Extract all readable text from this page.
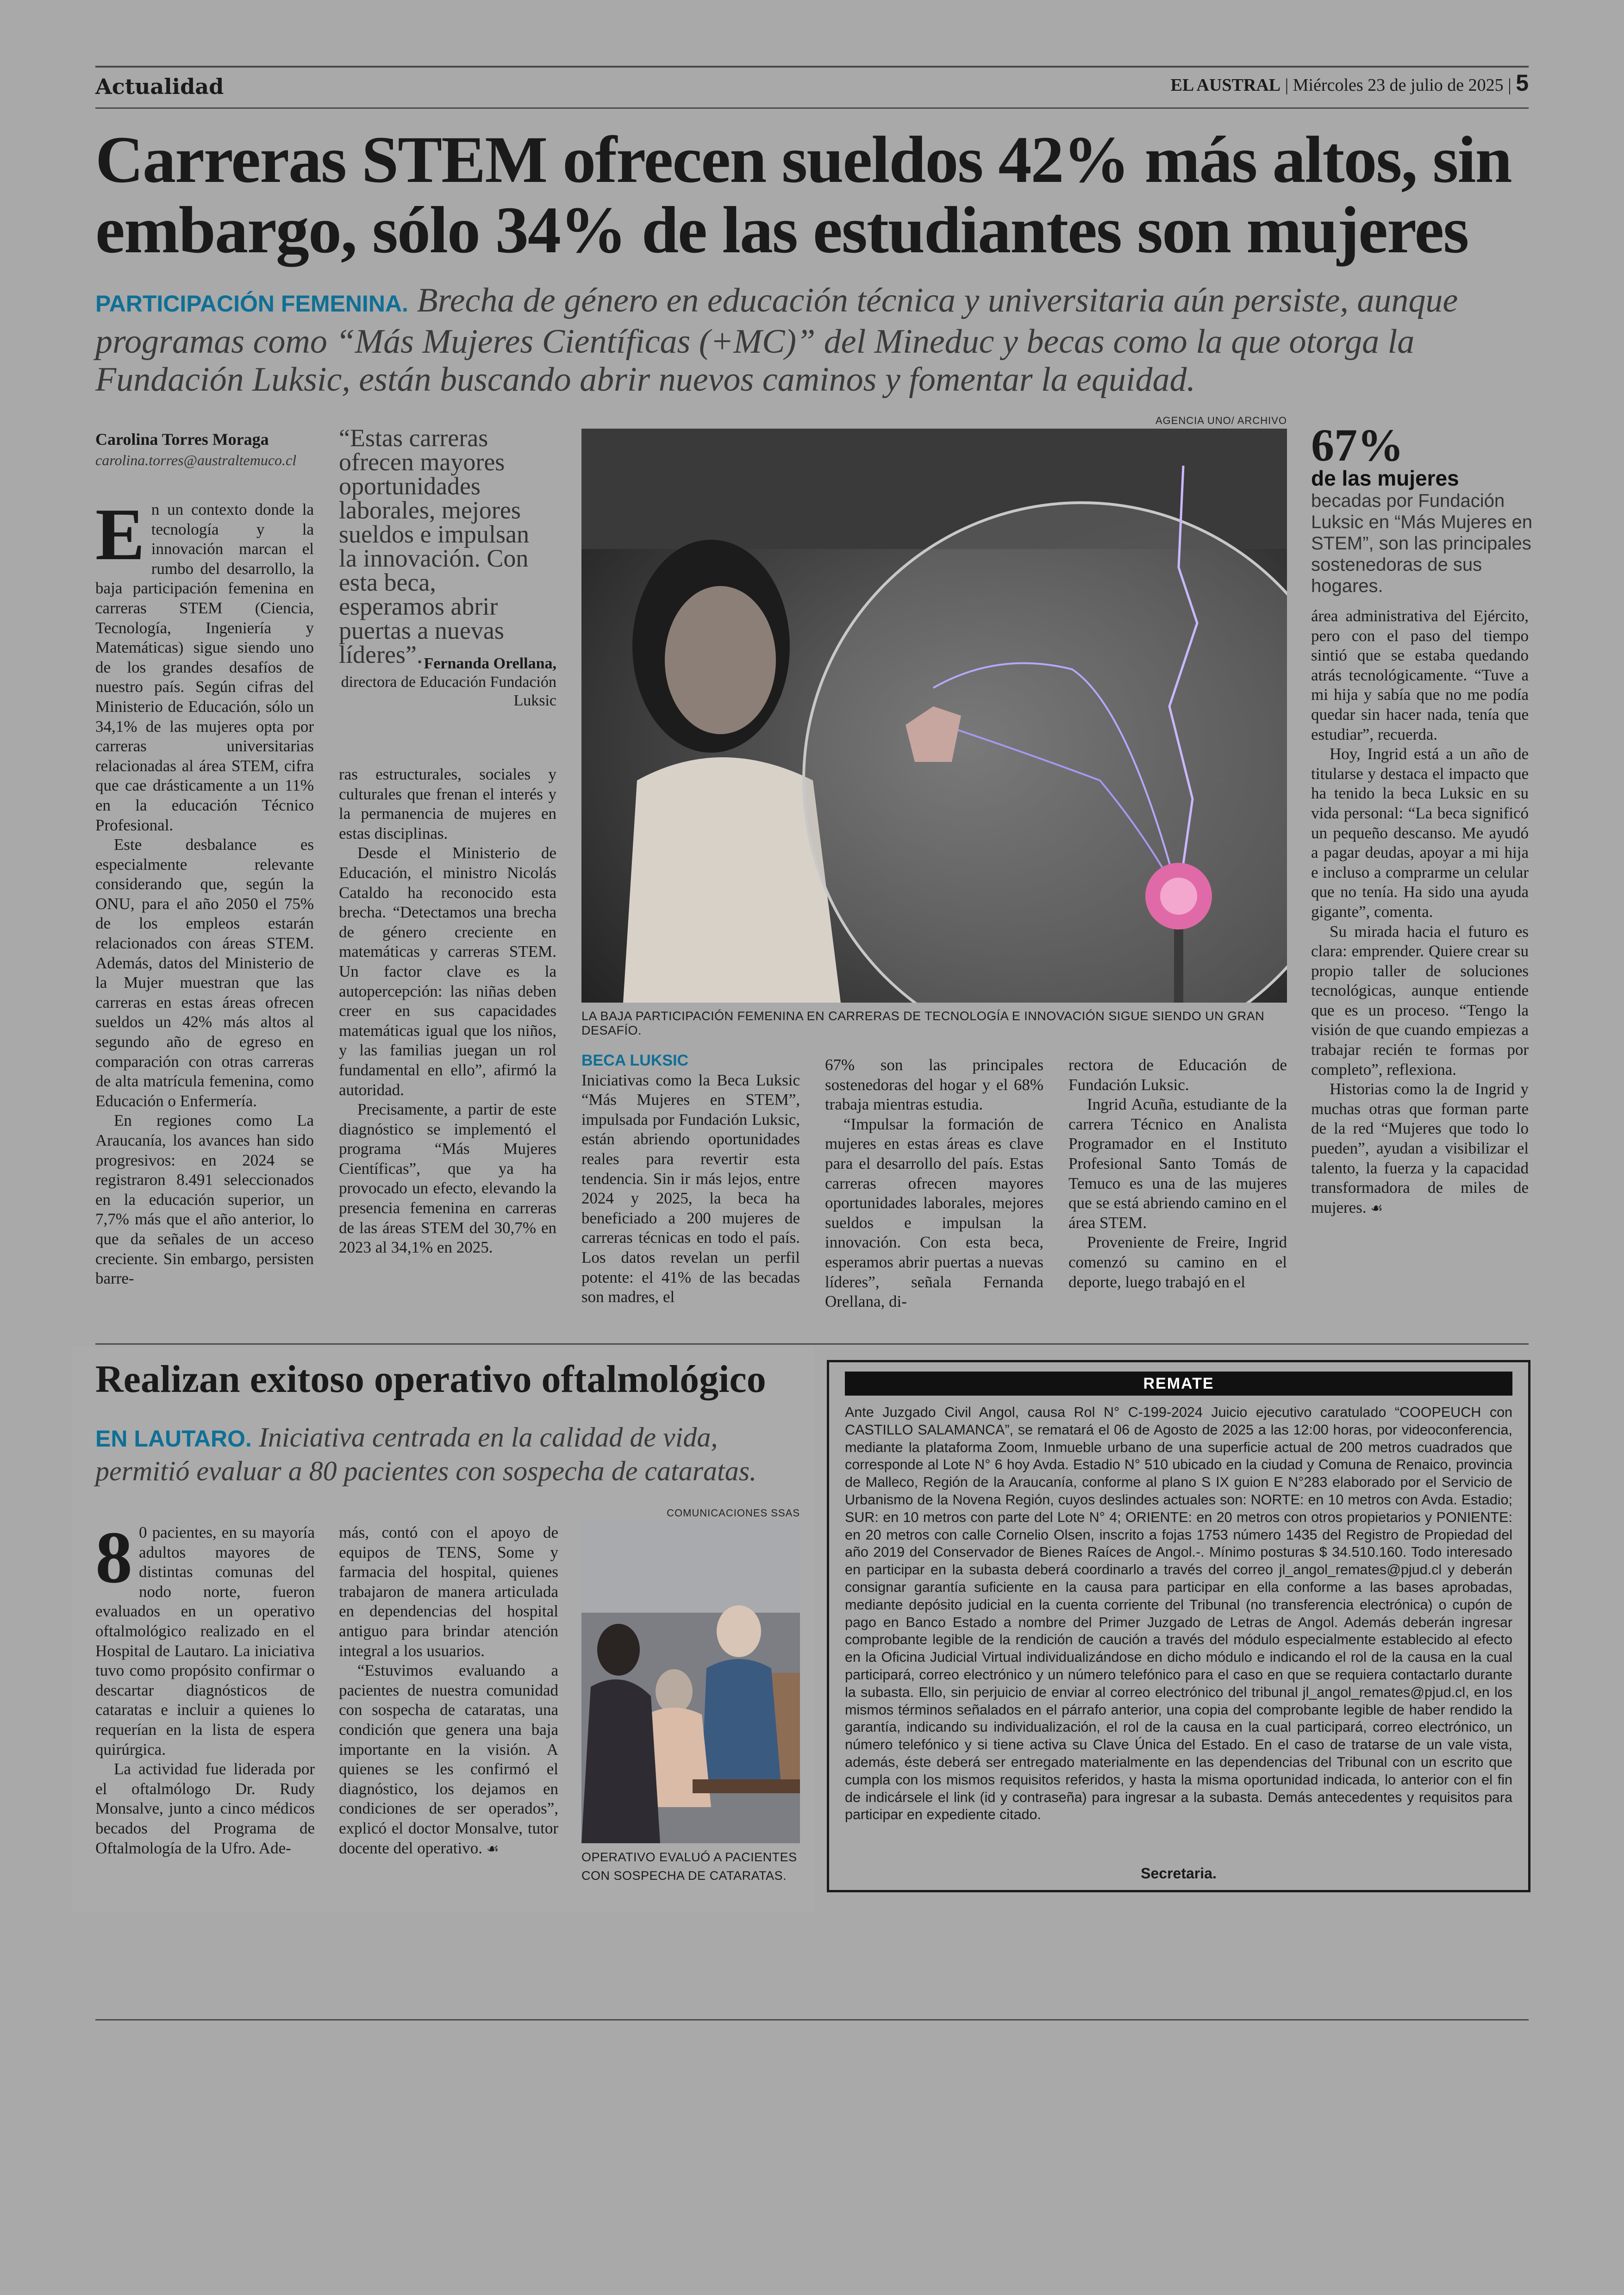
Actualidad	EL AUSTRAL | Miércoles 23 de julio de 2025 | 5
Carreras STEM ofrecen sueldos 42% más altos, sin
embargo, sólo 34% de las estudiantes son mujeres
PARTICIPACIÓN FEMENINA. Brecha de género en educación técnica y universitaria aún persiste, aunque programas como “Más Mujeres Científicas (+MC)” del Mineduc y becas como la que otorga la Fundación Luksic, están buscando abrir nuevos caminos y fomentar la equidad.
Carolina Torres Moraga
carolina.torres@australtemuco.cl

En un contexto donde la tecnología y la innovación marcan el rumbo del desarrollo, la baja participación femenina en carreras STEM (Ciencia, Tecnología, Ingeniería y Matemáticas) sigue siendo uno de los grandes desafíos de nuestro país. Según cifras del Ministerio de Educación, sólo un 34,1% de las mujeres opta por carreras universitarias relacionadas al área STEM, cifra que cae drásticamente a un 11% en la educación Técnico Profesional.

Este desbalance es especialmente relevante considerando que, según la ONU, para el año 2050 el 75% de los empleos estarán relacionados con áreas STEM. Además, datos del Ministerio de la Mujer muestran que las carreras en estas áreas ofrecen sueldos un 42% más altos al segundo año de egreso en comparación con otras carreras de alta matrícula femenina, como Educación o Enfermería.

En regiones como La Araucanía, los avances han sido progresivos: en 2024 se registraron 8.491 seleccionados en la educación superior, un 7,7% más que el año anterior, lo que da señales de un acceso creciente. Sin embargo, persisten barre-

“Estas carreras ofrecen mayores oportunidades laborales, mejores sueldos e impulsan la innovación. Con esta beca, esperamos abrir puertas a nuevas líderes”. Fernanda Orellana,
directora de Educación Fundación Luksic

ras estructurales, sociales y culturales que frenan el interés y la permanencia de mujeres en estas disciplinas.

Desde el Ministerio de Educación, el ministro Nicolás Cataldo ha reconocido esta brecha. “Detectamos una brecha de género creciente en matemáticas y carreras STEM. Un factor clave es la autopercepción: las niñas deben creer en sus capacidades matemáticas igual que los niños, y las familias juegan un rol fundamental en ello”, afirmó la autoridad.

Precisamente, a partir de este diagnóstico se implementó el programa “Más Mujeres Científicas”, que ya ha provocado un efecto, elevando la presencia femenina en carreras de las áreas STEM del 30,7% en 2023 al 34,1% en 2025.

AGENCIA UNO/ ARCHIVO
LA BAJA PARTICIPACIÓN FEMENINA EN CARRERAS DE TECNOLOGÍA E INNOVACIÓN SIGUE SIENDO UN GRAN DESAFÍO.
BECA LUKSIC

Iniciativas como la Beca Luksic “Más Mujeres en STEM”, impulsada por Fundación Luksic, están abriendo oportunidades reales para revertir esta tendencia. Sin ir más lejos, entre 2024 y 2025, la beca ha beneficiado a 200 mujeres de carreras técnicas en todo el país. Los datos revelan un perfil potente: el 41% de las becadas son madres, el

67% son las principales sostenedoras del hogar y el 68% trabaja mientras estudia.

“Impulsar la formación de mujeres en estas áreas es clave para el desarrollo del país. Estas carreras ofrecen mayores oportunidades laborales, mejores sueldos e impulsan la innovación. Con esta beca, esperamos abrir puertas a nuevas líderes”, señala Fernanda Orellana, di-

rectora de Educación de Fundación Luksic.

Ingrid Acuña, estudiante de la carrera Técnico en Analista Programador en el Instituto Profesional Santo Tomás de Temuco es una de las mujeres que se está abriendo camino en el área STEM.

Proveniente de Freire, Ingrid comenzó su camino en el deporte, luego trabajó en el

67%
de las mujeres becadas por Fundación Luksic en “Más Mujeres en STEM”, son las principales sostenedoras de sus hogares.

área administrativa del Ejército, pero con el paso del tiempo sintió que se estaba quedando atrás tecnológicamente. “Tuve a mi hija y sabía que no me podía quedar sin hacer nada, tenía que estudiar”, recuerda.

Hoy, Ingrid está a un año de titularse y destaca el impacto que ha tenido la beca Luksic en su vida personal: “La beca significó un pequeño descanso. Me ayudó a pagar deudas, apoyar a mi hija e incluso a comprarme un celular que no tenía. Ha sido una ayuda gigante”, comenta.

Su mirada hacia el futuro es clara: emprender. Quiere crear su propio taller de soluciones tecnológicas, aunque entiende que es un proceso. “Tengo la visión de que cuando empiezas a trabajar recién te formas por completo”, reflexiona.

Historias como la de Ingrid y muchas otras que forman parte de la red “Mujeres que todo lo pueden”, ayudan a visibilizar el talento, la fuerza y la capacidad transformadora de miles de mujeres. ☙

Realizan exitoso operativo oftalmológico
EN LAUTARO. Iniciativa centrada en la calidad de vida, permitió evaluar a 80 pacientes con sospecha de cataratas.

8 0 pacientes, en su mayoría adultos mayores de distintas comunas del nodo norte, fueron evaluados en un operativo oftalmológico realizado en el Hospital de Lautaro. La iniciativa tuvo como propósito confirmar o descartar diagnósticos de cataratas e incluir a quienes lo requerían en la lista de espera quirúrgica.

La actividad fue liderada por el oftalmólogo Dr. Rudy Monsalve, junto a cinco médicos becados del Programa de Oftalmología de la Ufro. Ade-

más, contó con el apoyo de equipos de TENS, Some y farmacia del hospital, quienes trabajaron de manera articulada en dependencias del hospital antiguo para brindar atención integral a los usuarios.

“Estuvimos evaluando a pacientes de nuestra comunidad con sospecha de cataratas, una condición que genera una baja importante en la visión. A quienes se les confirmó el diagnóstico, los dejamos en condiciones de ser operados”, explicó el doctor Monsalve, tutor docente del operativo. ☙

COMUNICACIONES SSAS
OPERATIVO EVALUÓ A PACIENTES CON SOSPECHA DE CATARATAS.
REMATE
Ante Juzgado Civil Angol, causa Rol N° C-199-2024 Juicio ejecutivo caratulado “COOPEUCH con CASTILLO SALAMANCA”, se rematará el 06 de Agosto de 2025 a las 12:00 horas, por videoconferencia, mediante la plataforma Zoom, Inmueble urbano de una superficie actual de 200 metros cuadrados que corresponde al Lote N° 6 hoy Avda. Estadio N° 510 ubicado en la ciudad y Comuna de Renaico, provincia de Malleco, Región de la Araucanía, conforme al plano S IX guion E N°283 elaborado por el Servicio de Urbanismo de la Novena Región, cuyos deslindes actuales son: NORTE: en 10 metros con Avda. Estadio; SUR: en 10 metros con parte del Lote N° 4; ORIENTE: en 20 metros con otros propietarios y PONIENTE: en 20 metros con calle Cornelio Olsen, inscrito a fojas 1753 número 1435 del Registro de Propiedad del año 2019 del Conservador de Bienes Raíces de Angol.-. Mínimo posturas $ 34.510.160. Todo interesado en participar en la subasta deberá coordinarlo a través del correo jl_angol_remates@pjud.cl y deberán consignar garantía suficiente en la causa para participar en ella conforme a las bases aprobadas, mediante depósito judicial en la cuenta corriente del Tribunal (no transferencia electrónica) o cupón de pago en Banco Estado a nombre del Primer Juzgado de Letras de Angol. Además deberán ingresar comprobante legible de la rendición de caución a través del módulo especialmente establecido al efecto en la Oficina Judicial Virtual individualizándose en dicho módulo e indicando el rol de la causa en la cual participará, correo electrónico y un número telefónico para el caso en que se requiera contactarlo durante la subasta. Ello, sin perjuicio de enviar al correo electrónico del tribunal jl_angol_remates@pjud.cl, en los mismos términos señalados en el párrafo anterior, una copia del comprobante legible de haber rendido la garantía, indicando su individualización, el rol de la causa en la cual participará, correo electrónico, un número telefónico y si tiene activa su Clave Única del Estado. En el caso de tratarse de un vale vista, además, éste deberá ser entregado materialmente en las dependencias del Tribunal con un escrito que cumpla con los mismos requisitos referidos, y hasta la misma oportunidad indicada, lo anterior con el fin de indicársele el link (id y contraseña) para ingresar a la subasta. Demás antecedentes y requisitos para participar en expediente citado.
Secretaria.
